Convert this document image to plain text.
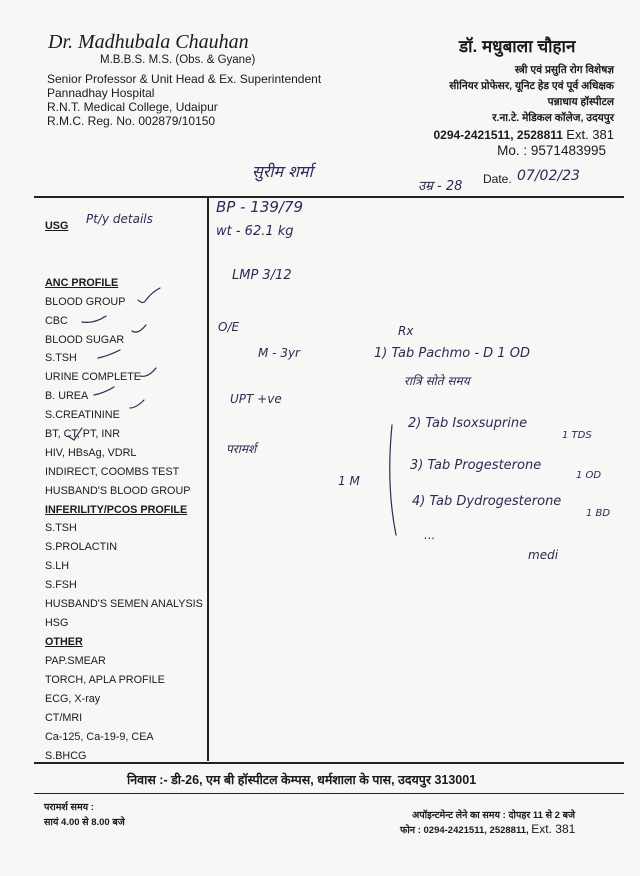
Dr. Madhubala Chauhan
M.B.B.S. M.S. (Obs. & Gyane)
Senior Professor & Unit Head & Ex. Superintendent
Pannadhay Hospital
R.N.T. Medical College, Udaipur
R.M.C. Reg. No. 002879/10150
डॉ. मधुबाला चौहान
स्त्री एवं प्रसुति रोग विशेषज्ञ
सीनियर प्रोफेसर, यूनिट हेड एवं पूर्व अधिक्षक
पन्नाधाय हॉस्पीटल
र.ना.टे. मेडिकल कॉलेज, उदयपुर
0294-2421511, 2528811 Ext. 381
Mo. : 9571483995
सुरीम शर्मा
उम्र - 28 Date. 07/02/23
USG Pt/y details
ANC PROFILE
BLOOD GROUP
CBC
BLOOD SUGAR
S.TSH
URINE COMPLETE
B. UREA
S.CREATININE
BT, CT, PT, INR
HIV, HBsAg, VDRL
INDIRECT, COOMBS TEST
HUSBAND'S BLOOD GROUP
INFERILITY/PCOS PROFILE
S.TSH
S.PROLACTIN
S.LH
S.FSH
HUSBAND'S SEMEN ANALYSIS
HSG
OTHER
PAP.SMEAR
TORCH, APLA PROFILE
ECG, X-ray
CT/MRI
Ca-125, Ca-19-9, CEA
S.BHCG
BP - 139/79
wt - 62.1 kg
LMP 3/12
O/E
M - 3yr
UPT +ve
परामर्श
1 M
Rx
1) Tab Pachmo - D 1 OD
रात्रि सोते समय
2) Tab Isoxsuprine
1 TDS
3) Tab Progesterone
1 OD
4) Tab Dydrogesterone
1 BD
...
medi
निवास :- डी-26, एम बी हॉस्पीटल केम्पस, धर्मशाला के पास, उदयपुर 313001
परामर्श समय :
सायं 4.00 से 8.00 बजे
अपॉइन्टमेन्ट लेने का समय : दोपहर 11 से 2 बजे
फोन : 0294-2421511, 2528811, Ext. 381
